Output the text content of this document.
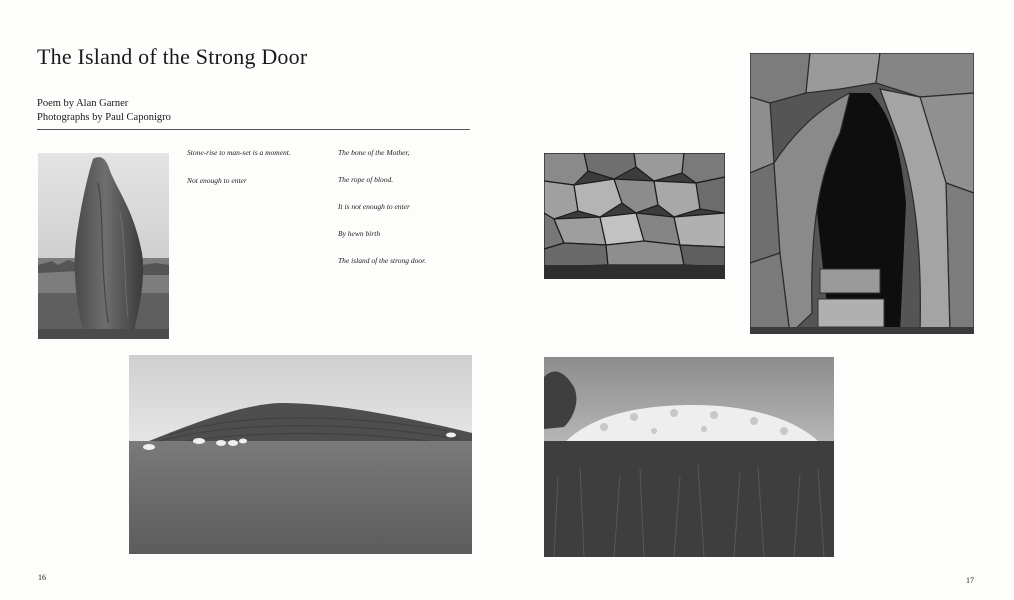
The Island of the Strong Door
Poem by Alan Garner
Photographs by Paul Caponigro
Stone-rise to man-set is a moment.
Not enough to enter
The bone of the Mother,
The rope of blood.
It is not enough to enter
By hewn birth
The island of the strong door.
16	17
